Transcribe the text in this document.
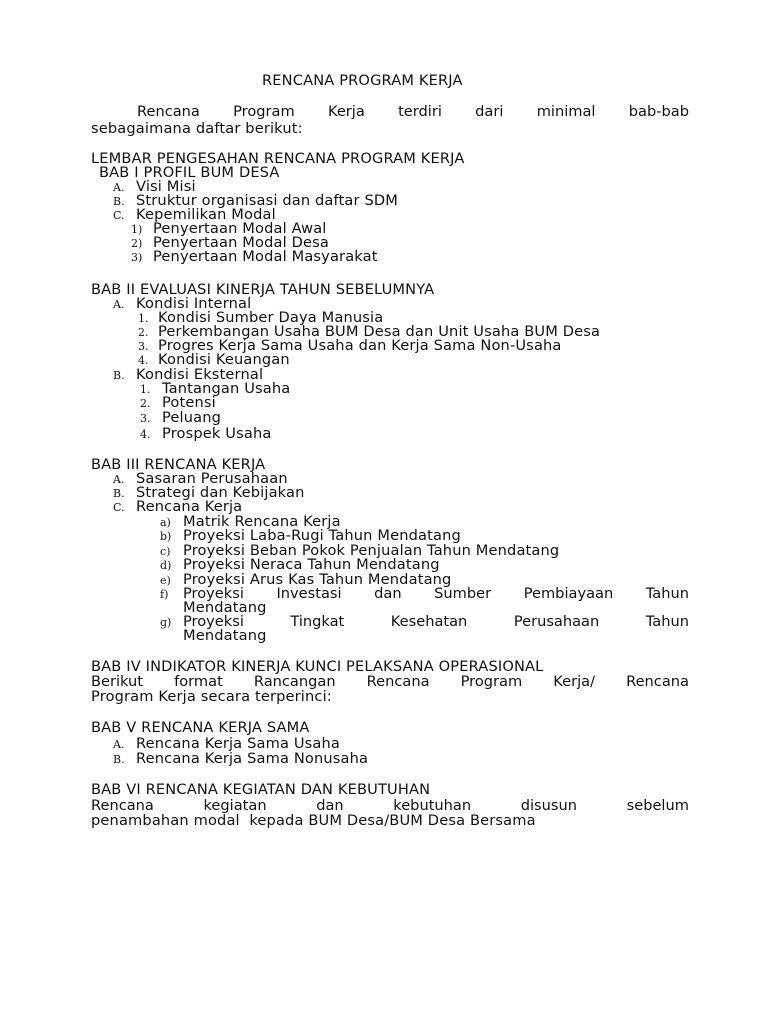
RENCANA PROGRAM KERJA
Rencana Program Kerja terdiri dari minimal bab-bab
sebagaimana daftar berikut:
LEMBAR PENGESAHAN RENCANA PROGRAM KERJA
BAB I PROFIL BUM DESA
A. Visi Misi
B. Struktur organisasi dan daftar SDM
C. Kepemilikan Modal
1) Penyertaan Modal Awal
2) Penyertaan Modal Desa
3) Penyertaan Modal Masyarakat
BAB II EVALUASI KINERJA TAHUN SEBELUMNYA
A. Kondisi Internal
1. Kondisi Sumber Daya Manusia
2. Perkembangan Usaha BUM Desa dan Unit Usaha BUM Desa
3. Progres Kerja Sama Usaha dan Kerja Sama Non-Usaha
4. Kondisi Keuangan
B. Kondisi Eksternal
1. Tantangan Usaha
2. Potensi
3. Peluang
4. Prospek Usaha
BAB III RENCANA KERJA
A. Sasaran Perusahaan
B. Strategi dan Kebijakan
C. Rencana Kerja
a) Matrik Rencana Kerja
b) Proyeksi Laba-Rugi Tahun Mendatang
c) Proyeksi Beban Pokok Penjualan Tahun Mendatang
d) Proyeksi Neraca Tahun Mendatang
e) Proyeksi Arus Kas Tahun Mendatang
f) Proyeksi Investasi dan Sumber Pembiayaan Tahun
Mendatang
g) Proyeksi	Tingkat	Kesehatan	Perusahaan	Tahun
Mendatang
BAB IV INDIKATOR KINERJA KUNCI PELAKSANA OPERASIONAL
Berikut format Rancangan Rencana Program Kerja/ Rencana
Program Kerja secara terperinci:
BAB V RENCANA KERJA SAMA
A. Rencana Kerja Sama Usaha
B. Rencana Kerja Sama Nonusaha
BAB VI RENCANA KEGIATAN DAN KEBUTUHAN
Rencana	kegiatan	dan	kebutuhan	disusun	sebelum
penambahan modal  kepada BUM Desa/BUM Desa Bersama
